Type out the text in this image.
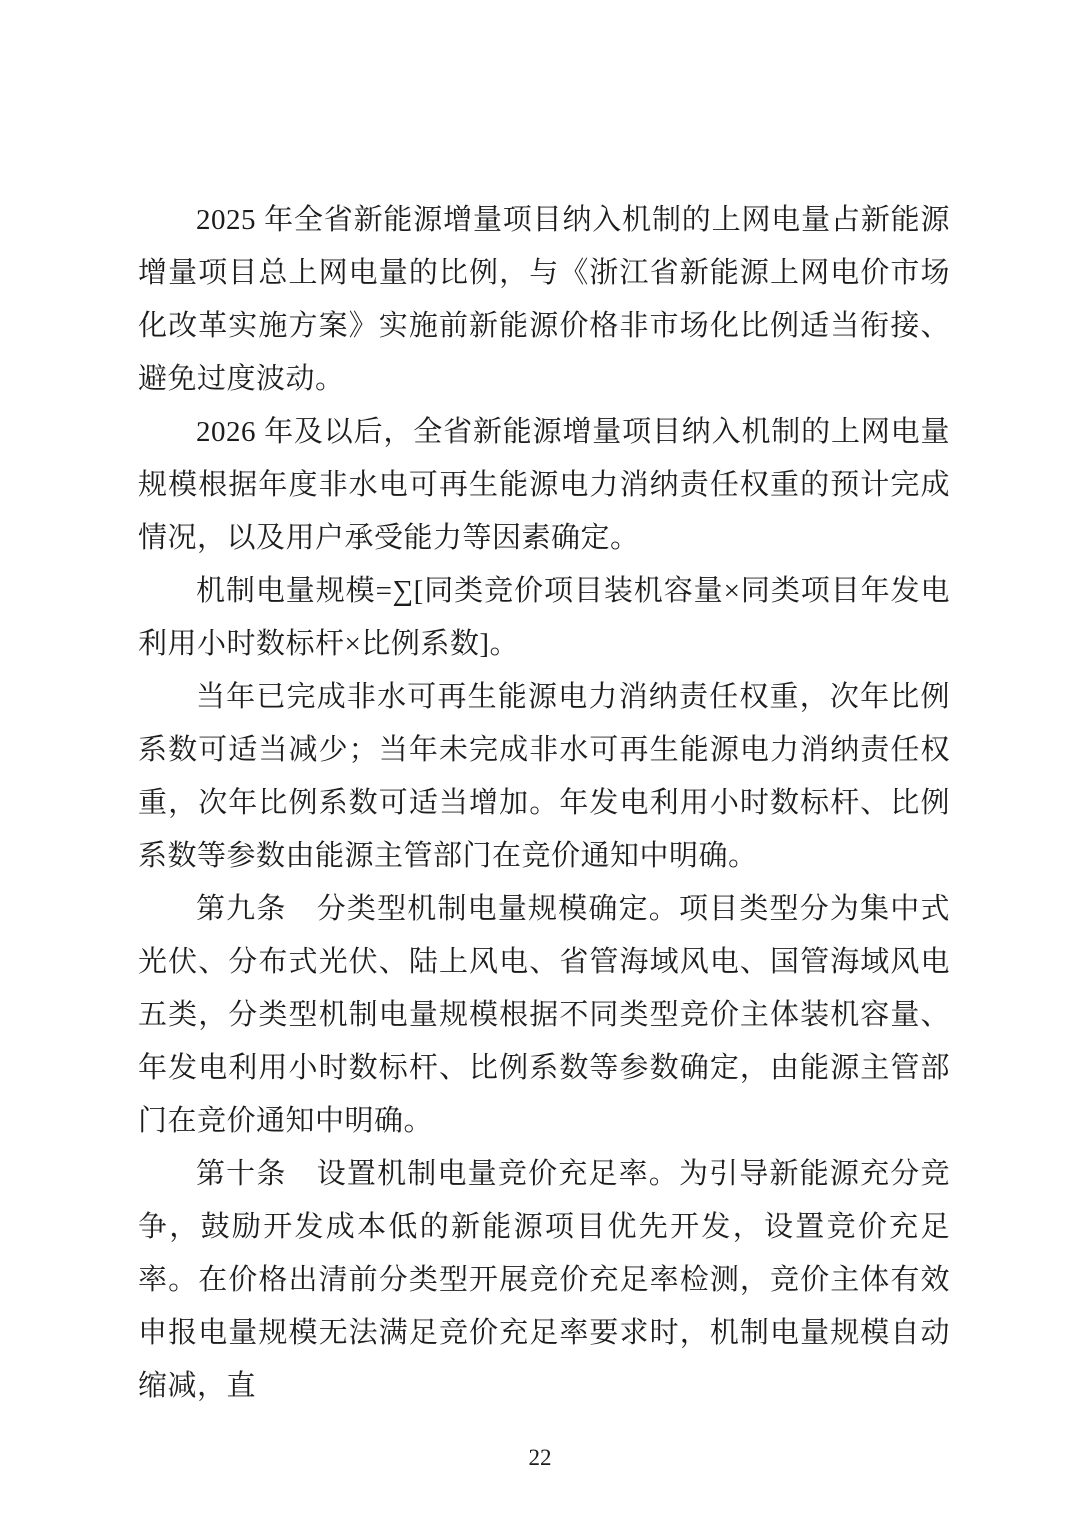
2025 年全省新能源增量项目纳入机制的上网电量占新能源增量项目总上网电量的比例，与《浙江省新能源上网电价市场化改革实施方案》实施前新能源价格非市场化比例适当衔接、避免过度波动。

2026 年及以后，全省新能源增量项目纳入机制的上网电量规模根据年度非水电可再生能源电力消纳责任权重的预计完成情况，以及用户承受能力等因素确定。

机制电量规模=∑[同类竞价项目装机容量×同类项目年发电利用小时数标杆×比例系数]。

当年已完成非水可再生能源电力消纳责任权重，次年比例系数可适当减少；当年未完成非水可再生能源电力消纳责任权重，次年比例系数可适当增加。年发电利用小时数标杆、比例系数等参数由能源主管部门在竞价通知中明确。

第九条　分类型机制电量规模确定。项目类型分为集中式光伏、分布式光伏、陆上风电、省管海域风电、国管海域风电五类，分类型机制电量规模根据不同类型竞价主体装机容量、年发电利用小时数标杆、比例系数等参数确定，由能源主管部门在竞价通知中明确。

第十条　设置机制电量竞价充足率。为引导新能源充分竞争，鼓励开发成本低的新能源项目优先开发，设置竞价充足率。在价格出清前分类型开展竞价充足率检测，竞价主体有效申报电量规模无法满足竞价充足率要求时，机制电量规模自动缩减，直

22
